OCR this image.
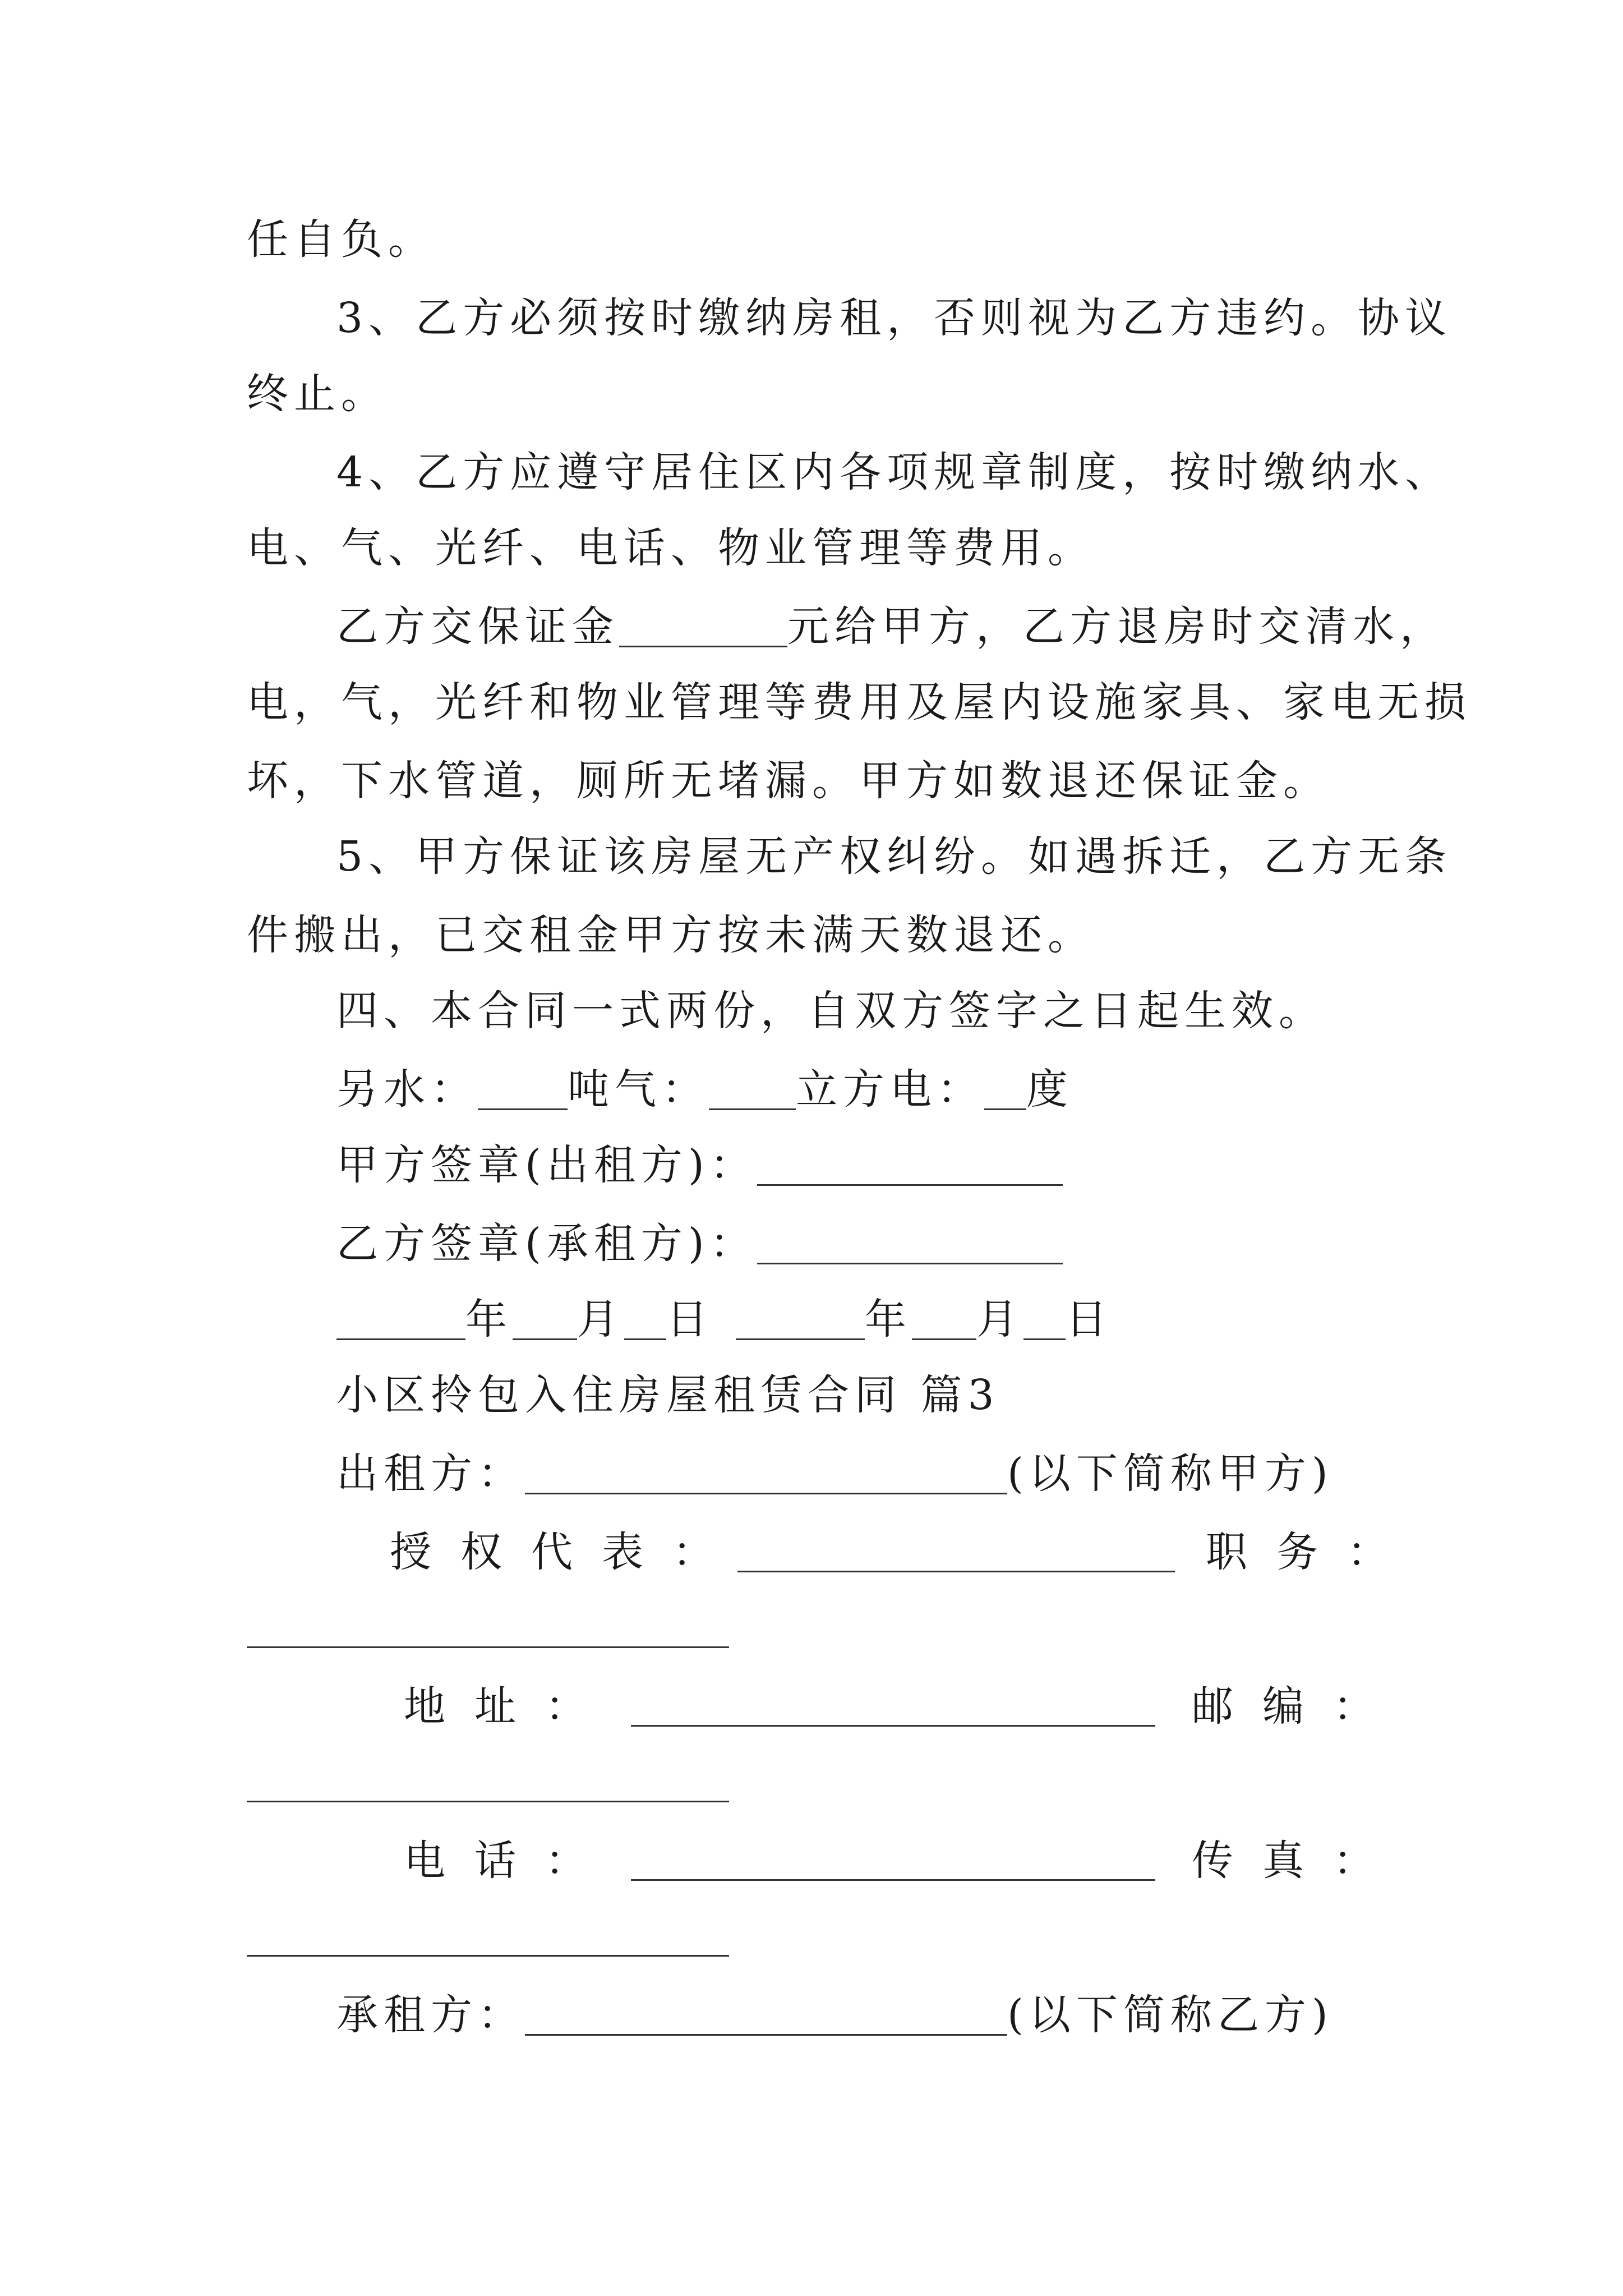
任自负。
3、乙方必须按时缴纳房租，否则视为乙方违约。协议
终止。
4、乙方应遵守居住区内各项规章制度，按时缴纳水、
电、气、光纤、电话、物业管理等费用。
乙方交保证金	元给甲方，乙方退房时交清水，
电，气，光纤和物业管理等费用及屋内设施家具、家电无损
坏，下水管道，厕所无堵漏。甲方如数退还保证金。
5、甲方保证该房屋无产权纠纷。如遇拆迁，乙方无条
件搬出，已交租金甲方按未满天数退还。
四、本合同一式两份，自双方签字之日起生效。
另水： 吨气： 立方电： 度
甲方签章(出租方)：
乙方签章(承租方)：
年 月 日	年 月 日
小区拎包入住房屋租赁合同 篇3
出租方：	(以下简称甲方)
授权代表：	职务：
地址：	邮编：
电话：	传真：
承租方：	(以下简称乙方)
